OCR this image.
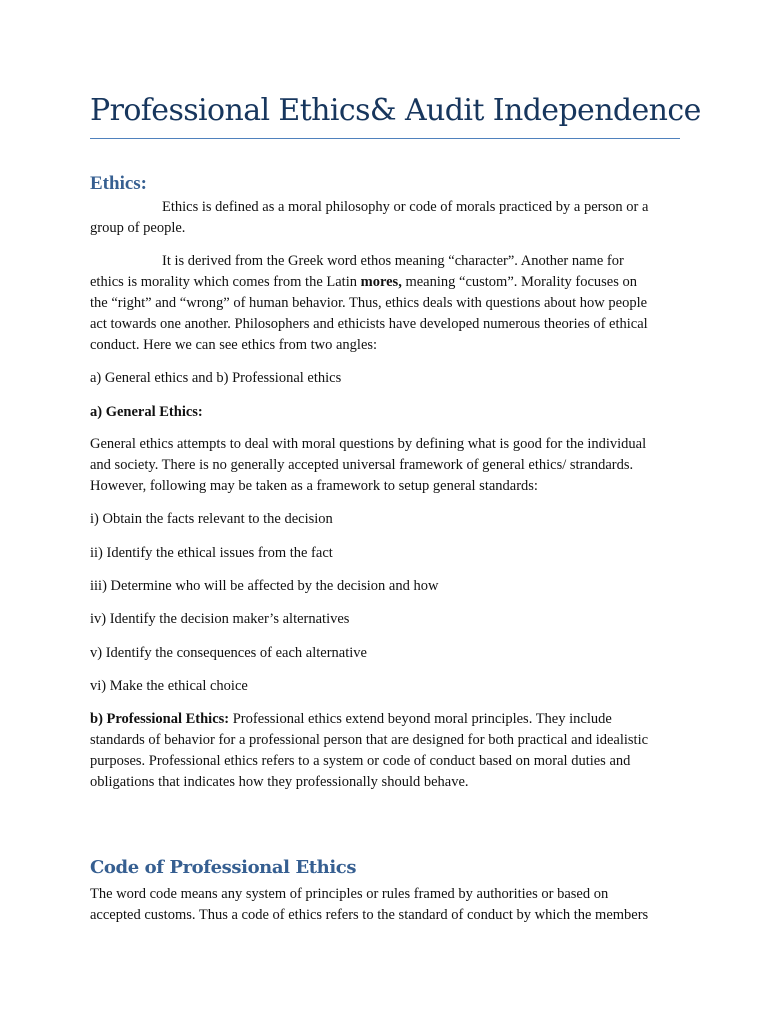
Professional Ethics& Audit Independence
Ethics:

Ethics is defined as a moral philosophy or code of morals practiced by a person or a

group of people.

It is derived from the Greek word ethos meaning “character”. Another name for

ethics is morality which comes from the Latin mores, meaning “custom”. Morality focuses on

the “right” and “wrong” of human behavior. Thus, ethics deals with questions about how people

act towards one another. Philosophers and ethicists have developed numerous theories of ethical

conduct. Here we can see ethics from two angles:

a) General ethics and b) Professional ethics

a) General Ethics:

General ethics attempts to deal with moral questions by defining what is good for the individual

and society. There is no generally accepted universal framework of general ethics/ strandards.

However, following may be taken as a framework to setup general standards:

i) Obtain the facts relevant to the decision

ii) Identify the ethical issues from the fact

iii) Determine who will be affected by the decision and how

iv) Identify the decision maker’s alternatives

v) Identify the consequences of each alternative

vi) Make the ethical choice

b) Professional Ethics: Professional ethics extend beyond moral principles. They include

standards of behavior for a professional person that are designed for both practical and idealistic

purposes. Professional ethics refers to a system or code of conduct based on moral duties and

obligations that indicates how they professionally should behave.

Code of Professional Ethics

The word code means any system of principles or rules framed by authorities or based on

accepted customs. Thus a code of ethics refers to the standard of conduct by which the members
